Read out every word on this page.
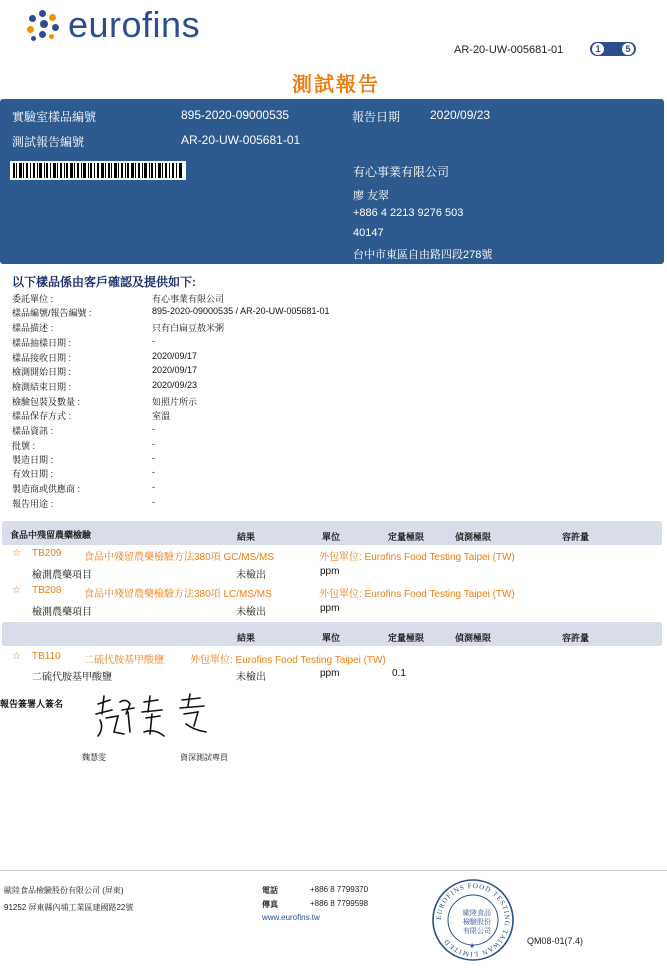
eurofins
AR-20-UW-005681-01	1	5
測試報告
實驗室樣品編號	895-2020-09000535	報告日期 2020/09/23
測試報告編號	AR-20-UW-005681-01
有心事業有限公司
廖 友翠
+886 4 2213 9276 503
40147
台中市東區自由路四段278號
以下樣品係由客戶確認及提供如下:
委託單位 :	有心事業有限公司
樣品編號/報告編號 :	895-2020-09000535 / AR-20-UW-005681-01
樣品描述 :	只有白扁豆敖米粥
樣品抽樣日期 :	-
樣品接收日期 :	2020/09/17
檢測開始日期 :	2020/09/17
檢測結束日期 :	2020/09/23
檢驗包裝及數量 :	如照片所示
樣品保存方式 :	室溫
樣品資訊 :	-
批號 :	-
製造日期 :	-
有效日期 :	-
製造商或供應商 :	-
報告用途 :	-
食品中殘留農藥檢驗	結果	單位	定量極限	偵測極限	容許量
☆ TB209 食品中殘留農藥檢驗方法380項 GC/MS/MS	外包單位: Eurofins Food Testing Taipei (TW)
檢測農藥項目	未檢出	ppm
☆ TB208 食品中殘留農藥檢驗方法380項 LC/MS/MS	外包單位: Eurofins Food Testing Taipei (TW)
檢測農藥項目	未檢出	ppm
結果	單位	定量極限	偵測極限	容許量
☆ TB110 二硫代胺基甲酸鹽	外包單位: Eurofins Food Testing Taipei (TW)
二硫代胺基甲酸鹽	未檢出	ppm	0.1
報告簽署人簽名
魏慧雯	資深測試專員
歐陸食品檢驗股份有限公司 (屏東)
91252 屏東縣內埔工業區建國路22號
電話	+886 8 7799370
傳真	+886 8 7799598
www.eurofins.tw	EUROFINS FOOD TESTING TAIWAN LIMITED
歐陸食品
檢驗股份
有限公司
★
QM08-01(7.4)
